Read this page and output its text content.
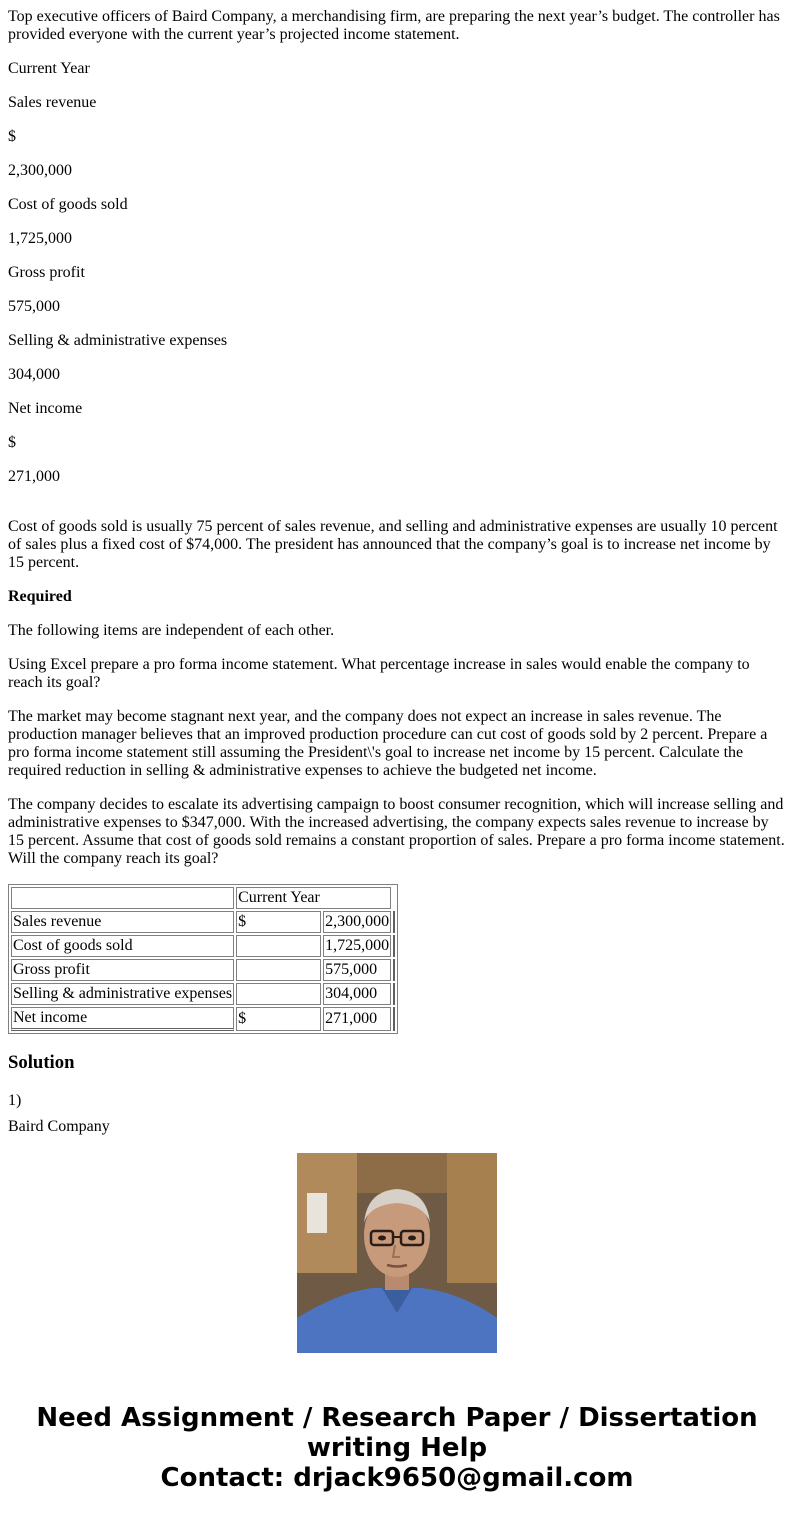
Top executive officers of Baird Company, a merchandising firm, are preparing the next year’s budget. The controller has provided everyone with the current year’s projected income statement.

Current Year

Sales revenue

$

2,300,000

Cost of goods sold

1,725,000

Gross profit

575,000

Selling & administrative expenses

304,000

Net income

$

271,000

Cost of goods sold is usually 75 percent of sales revenue, and selling and administrative expenses are usually 10 percent of sales plus a fixed cost of $74,000. The president has announced that the company’s goal is to increase net income by 15 percent.

Required

The following items are independent of each other.

Using Excel prepare a pro forma income statement. What percentage increase in sales would enable the company to reach its goal?

The market may become stagnant next year, and the company does not expect an increase in sales revenue. The production manager believes that an improved production procedure can cut cost of goods sold by 2 percent. Prepare a pro forma income statement still assuming the President\'s goal to increase net income by 15 percent. Calculate the required reduction in selling & administrative expenses to achieve the budgeted net income.

The company decides to escalate its advertising campaign to boost consumer recognition, which will increase selling and administrative expenses to $347,000. With the increased advertising, the company expects sales revenue to increase by 15 percent. Assume that cost of goods sold remains a constant proportion of sales. Prepare a pro forma income statement. Will the company reach its goal?

	Current Year		
Sales revenue	$	2,300,000	
Cost of goods sold		1,725,000	
Gross profit		575,000	
Selling & administrative expenses		304,000	
Net income	$	271,000	
Solution

1)

Baird Company

Need Assignment / Research Paper / Dissertation
writing Help
Contact: drjack9650@gmail.com
